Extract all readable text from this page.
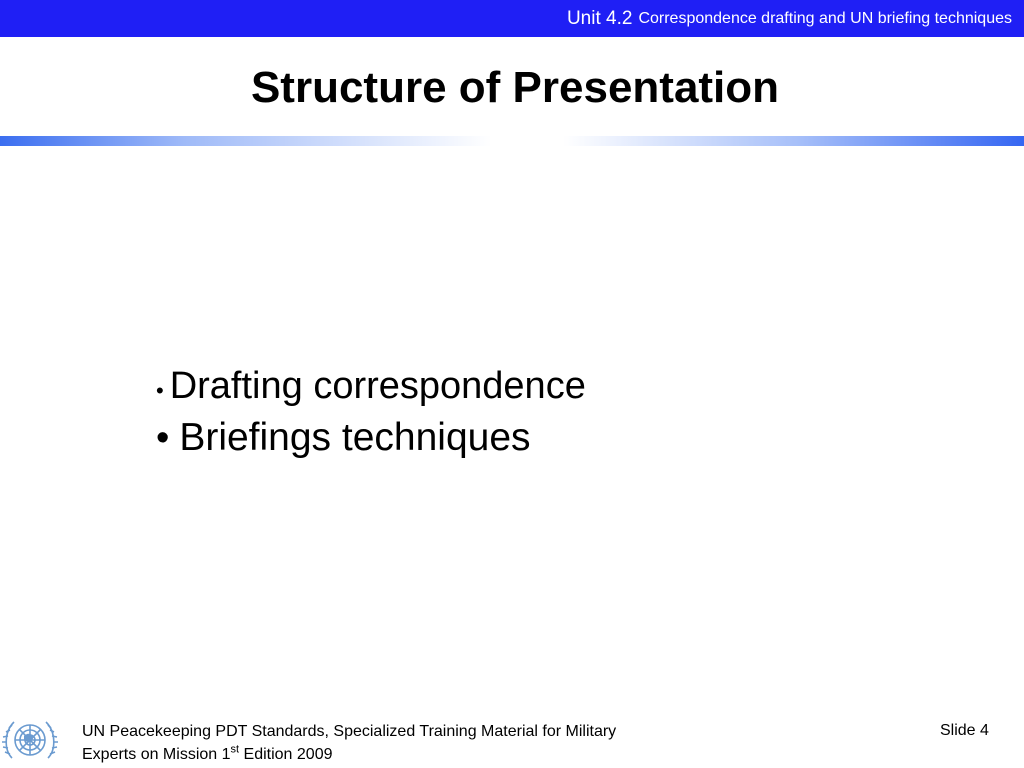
Unit 4.2 Correspondence drafting and UN briefing techniques
Structure of Presentation
• Drafting correspondence
• Briefings techniques
UN Peacekeeping PDT Standards, Specialized Training Material for Military
Experts on Mission 1st Edition 2009
Slide 4
